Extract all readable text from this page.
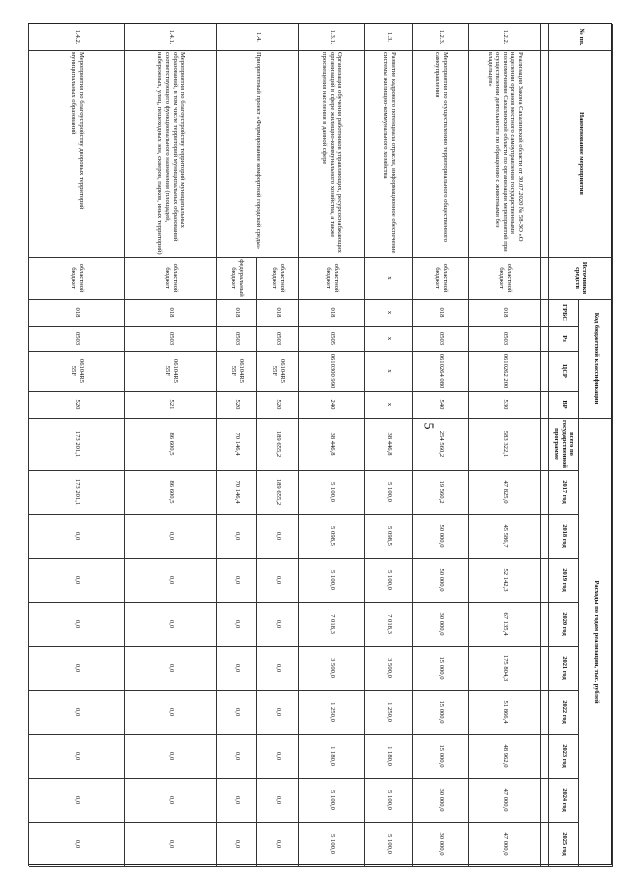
5
№ пп.
Наименование мероприятия
Источники средств
Код бюджетной классификации
ГРБС
Рз
ЦСР
ВР
Расходы по годам реализации, тыс. рублей
всего по государственной программе
2017 год
2018 год
2019 год
2020 год
2021 год
2022 год
2023 год
2024 год
2025 год
1.2.2.
Реализация Закона Сахалинской области от 30.07.2020 № 58-ЗО «О наделении органов местного самоуправления государственными полномочиями Сахалинской области по организации мероприятий при осуществлении деятельности по обращению с животными без владельцев»
областной бюджет
018
0503
0610262 200
530
583 322,1
47 825,0
45 586,7
52 142,3
67 135,4
175 804,3
51 866,4
48 962,0
47 000,0
47 000,0
1.2.3.
Мероприятия по осуществлению территориального общественного самоуправления
областной бюджет
018
0503
0610264 080
540
254 560,2
19 560,2
50 000,0
50 000,0
30 000,0
15 000,0
15 000,0
15 000,0
30 000,0
30 000,0
1.3.
Развитие кадрового потенциала отрасли, информационное обеспечение системы жилищно-коммунального хозяйства
х
х
х
х
х
38 446,8
5 100,0
5 098,5
5 100,0
7 018,3
3 500,0
1 250,0
1 180,0
5 100,0
5 100,0
1.3.1.
Организация обучения работников управляющих, ресурсоснабжающих организаций в сфере жилищно-коммунального хозяйства, а также просвещения населения в данной сфере
областной бюджет
018
0505
0610300 990
240
38 446,8
5 100,0
5 098,5
5 100,0
7 018,3
3 500,0
1 250,0
1 180,0
5 100,0
5 100,0
1.4.
Приоритетный проект «Формирование комфортной городской среды»
областной бюджет
018
0503
06104R5 55F
520
189 655,2
189 655,2
0,0
0,0
0,0
0,0
0,0
0,0
0,0
0,0
федеральный бюджет
018
0503
06104R5 55F
520
70 146,4
70 146,4
0,0
0,0
0,0
0,0
0,0
0,0
0,0
0,0
1.4.1.
Мероприятия по благоустройству территорий муниципальных образований, в том числе территорий муниципальных образований соответствующего функционального назначения (площадей, набережных, улиц, пешеходных зон, скверов, парков, иных территорий)
областной бюджет
018
0503
06104R5 55F
521
86 600,5
86 600,5
0,0
0,0
0,0
0,0
0,0
0,0
0,0
0,0
1.4.2.
Мероприятия по благоустройству дворовых территорий муниципальных образований
областной бюджет
018
0503
06104R5 55F
520
173 201,1
173 201,1
0,0
0,0
0,0
0,0
0,0
0,0
0,0
0,0
